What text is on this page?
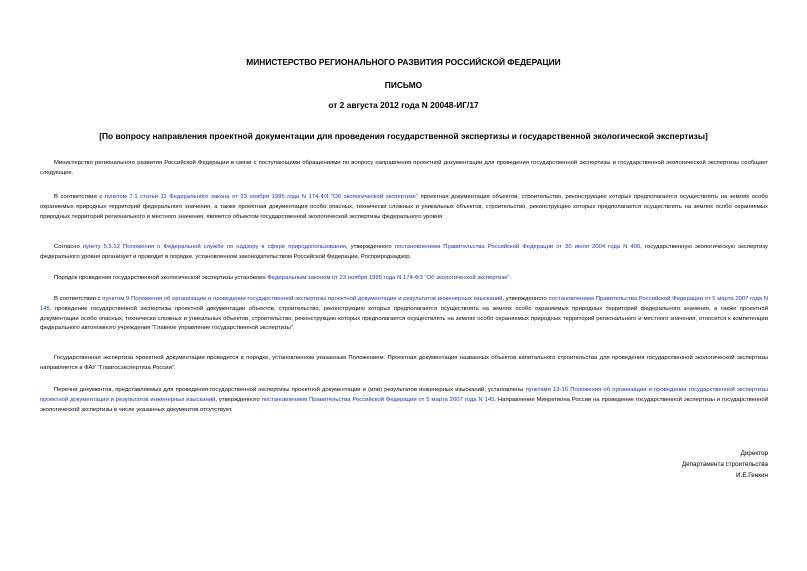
МИНИСТЕРСТВО РЕГИОНАЛЬНОГО РАЗВИТИЯ РОССИЙСКОЙ ФЕДЕРАЦИИ
ПИСЬМО
от 2 августа 2012 года N 20048-ИГ/17
[По вопросу направления проектной документации для проведения государственной экспертизы и государственной экологической экспертизы]

Министерство регионального развития Российской Федерации в связи с поступающими обращениями по вопросу направления проектной документации для проведения государственной экспертизы и государственной экологической экспертизы сообщает следующее.

В соответствии с пунктом 7.1 статьи 11 Федерального закона от 23 ноября 1995 года N 174-ФЗ "Об экологической экспертизе" проектная документация объектов, строительство, реконструкцию которых предполагается осуществлять на землях особо охраняемых природных территорий федерального значения, а также проектная документация особо опасных, технически сложных и уникальных объектов, строительство, реконструкцию которых предполагается осуществлять на землях особо охраняемых природных территорий регионального и местного значения, является объектом государственной экологической экспертизы федерального уровня.

Согласно пункту 5.5.12 Положения о Федеральной службе по надзору в сфере природопользования, утвержденного постановлением Правительства Российской Федерации от 30 июля 2004 года N 400, государственную экологическую экспертизу федерального уровня организует и проводит в порядке, установленном законодательством Российской Федерации, Росприроднадзор.

Порядок проведения государственной экологической экспертизы установлен Федеральным законом от 23 ноября 1995 года N 174-ФЗ "Об экологической экспертизе".

В соответствии с пунктом 9 Положения об организации и проведении государственной экспертизы проектной документации и результатов инженерных изысканий, утвержденного постановлением Правительства Российской Федерации от 5 марта 2007 года N 145, проведение государственной экспертизы проектной документации объектов, строительство, реконструкцию которых предполагается осуществлять на землях особо охраняемых природных территорий федерального значения, а также проектной документации особо опасных, технически сложных и уникальных объектов, строительство, реконструкцию которых предполагается осуществлять на землях особо охраняемых природных территорий регионального и местного значения, относится к компетенции федерального автономного учреждения "Главное управление государственной экспертизы".

Государственная экспертиза проектной документации проводится в порядке, установленном указанным Положением. Проектная документация названных объектов капитального строительства для проведения государственной экологической экспертизы направляется в ФАУ "Главгосэкспертиза России".

Перечни документов, представляемых для проведения государственной экспертизы проектной документации и (или) результатов инженерных изысканий, установлены пунктами 13-16 Положения об организации и проведении государственной экспертизы проектной документации и результатов инженерных изысканий, утвержденного постановлением Правительства Российской Федерации от 5 марта 2007 года N 145. Направление Минрегиона России на проведение государственной экспертизы и государственной экологической экспертизы в числе указанных документов отсутствует.

Директор
Департамента строительства
И.Е.Генкин
